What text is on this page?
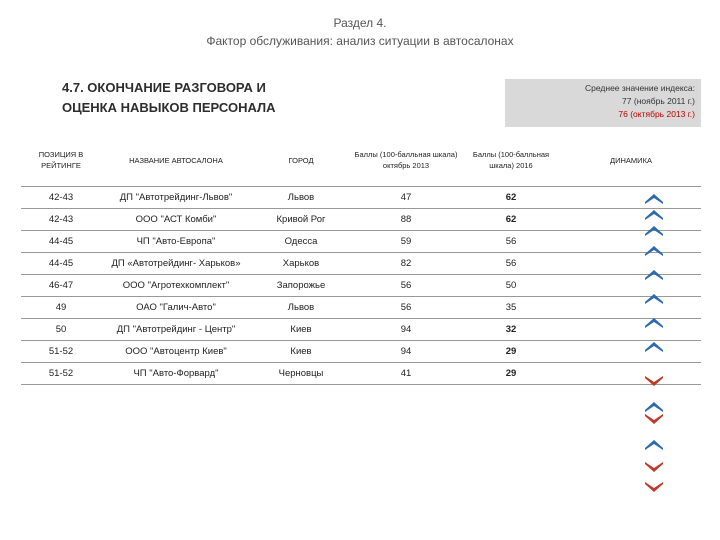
Раздел 4.
Фактор обслуживания: анализ ситуации в автосалонах
4.7. ОКОНЧАНИЕ РАЗГОВОРА И
ОЦЕНКА НАВЫКОВ ПЕРСОНАЛА
Среднее значение индекса:
77 (ноябрь 2011 г.)
76 (октябрь 2013 г.)
ПОЗИЦИЯ В РЕЙТИНГЕ	НАЗВАНИЕ АВТОСАЛОНА	ГОРОД	Баллы (100-балльная шкала) октябрь 2013	Баллы (100-балльная шкала) 2016	ДИНАМИКА
42-43	ДП "Автотрейдинг-Львов"	Львов	47	62	
42-43	ООО "АСТ Комби"	Кривой Рог	88	62	
44-45	ЧП "Авто-Европа"	Одесса	59	56	
44-45	ДП «Автотрейдинг- Харьков»	Харьков	82	56	
46-47	ООО "Агротехкомплект"	Запорожье	56	50	
49	ОАО "Галич-Авто"	Львов	56	35	
50	ДП "Автотрейдинг - Центр"	Киев	94	32	
51-52	ООО "Автоцентр Киев"	Киев	94	29	
51-52	ЧП "Авто-Форвард"	Черновцы	41	29	
